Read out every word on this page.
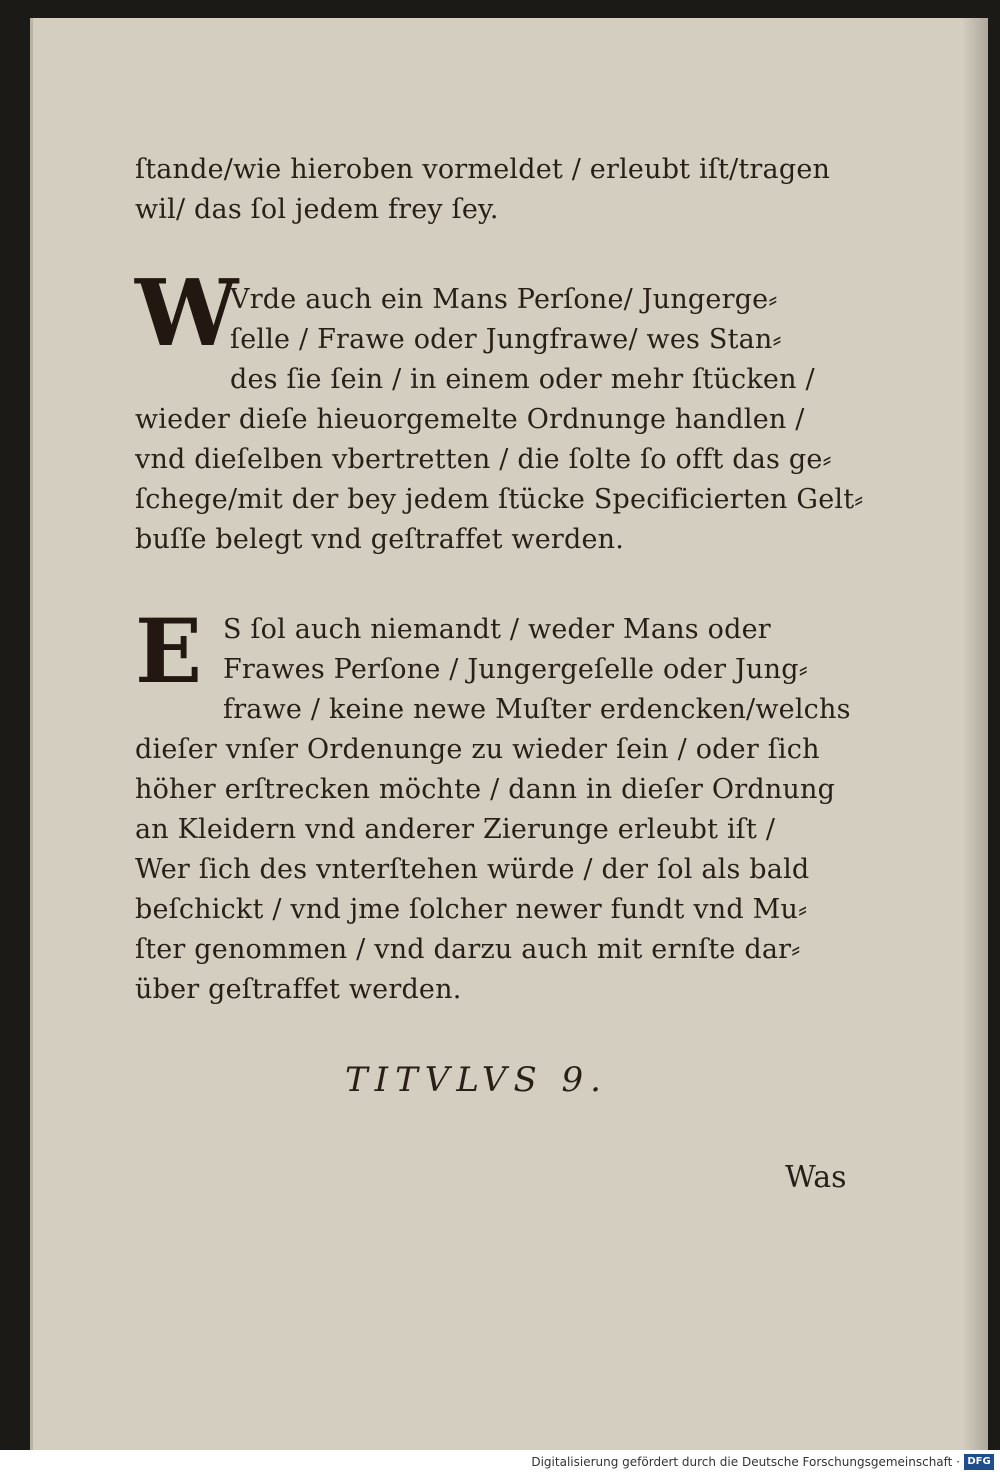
ſtande/wie hieroben vormeldet / erleubt iſt/tragen
wil/ das ſol jedem frey ſey.
W
Vrde auch ein Mans Perſone/ Jungerge⸗
ſelle / Frawe oder Jungfrawe/ wes Stan⸗
des ſie ſein / in einem oder mehr ſtücken /
wieder dieſe hieuorgemelte Ordnunge handlen /
vnd dieſelben vbertretten / die ſolte ſo offt das ge⸗
ſchege/mit der bey jedem ſtücke Specificierten Gelt⸗
buſſe belegt vnd geſtraffet werden.
E S ſol auch niemandt / weder Mans oder
Frawes Perſone / Jungergeſelle oder Jung⸗
frawe / keine newe Muſter erdencken/welchs
dieſer vnſer Ordenunge zu wieder ſein / oder ſich
höher erſtrecken möchte / dann in dieſer Ordnung
an Kleidern vnd anderer Zierunge erleubt iſt /
Wer ſich des vnterſtehen würde / der ſol als bald
beſchickt / vnd jme ſolcher newer fundt vnd Mu⸗
ſter genommen / vnd darzu auch mit ernſte dar⸗
über geſtraffet werden.
TITVLVS 9.
Was
Digitalisierung gefördert durch die Deutsche Forschungsgemeinschaft · DFG
